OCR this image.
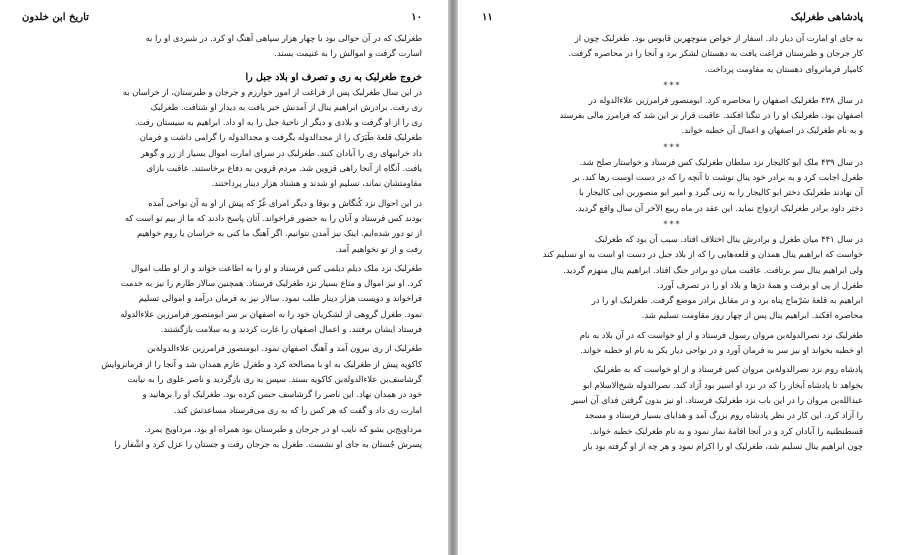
۱۰
تاریخ ابن خلدون

طغرلبک که در آن حوالی بود با چهار هزار سپاهی آهنگ او کرد. در شبردی او را به
اسارت گرفت و اموالش را به غنیمت بستد.

خروج طغرلبک به ری و تصرف او بلاد جبل را

در این سال طغرلبک پس از فراغت از امور خوارزم و جرجان و طبرستان، از خراسان به
ری رفت. برادرش ابراهیم ینال از آمدنش خبر یافت به دیدار او شتافت. طغرلبک
ری را از او گرفت و بلادی و دیگر از ناحیهٔ جبل را به او داد. ابراهیم به سیستان رفت.
طغرلبک قلعهٔ طَبَرَک را از مجدالدوله بگرفت و مجدالدوله را گرامی داشت و فرمان
داد خرابیهای ری را آبادان کنند. طغرلبک در سرای امارت اموال بسیار از زر و گوهر
یافت. آنگاه از آنجا راهی قزوین شد. مردم قزوین به دفاع برخاستند. عاقبت بازای
مقاومتشان نماند، تسلیم او شدند و هشتاد هزار دینار پرداختند.

در این احوال نزد کُنگاش و بوقا و دیگر امرای غُزّ که پیش از او به آن نواحی آمده
بودند کس فرستاد و آنان را به حضور فراخواند. آنان پاسخ دادند که ما از بیم تو است که
از تو دور شده‌ایم. اینک نیز آمدن نتوانیم. اگر آهنگ ما کنی به خراسان یا روم خواهیم
رفت و از تو نخواهیم آمد.

طغرلبک نزد ملک دیلم دیلمی کس فرستاد و او را به اطاعت خواند و از او طلب اموال
کرد. او نیز اموال و متاع بسیار نزد طغرلبک فرستاد. همچنین سالار طارم را نیز به خدمت
فراخواند و دویست هزار دینار طلب نمود. سالار نیز به فرمان درآمد و اموالی تسلیم
نمود. طغرل گروهی از لشکریان خود را به اصفهان بر سر ابومنصور فرامرزبن علاءالدوله
فرستاد ایشان برفتند. و اعمال اصفهان را غارت کردند و به سلامت بازگشتند.

طغرلبک از ری بیرون آمد و آهنگ اصفهان نمود. ابومنصور فرامرزبن علاءالدولةبن
کاکویه پیش از طغرلبک به او با مصالحه کرد و طغرل عازم همدان شد و آنجا را از فرمانروایش
گرشاسف‌بن علاءالدولةبن کاکویه بستد. سپس به ری بازگردید و ناصر علوی را به نیابت
خود در همدان نهاد. این ناصر را گرشاسف حبس کرده بود. طغرلبک او را برهانید و
امارت ری داد و گفت که هر کس را که به ری می‌فرستاد مساعدتش کند.

مرداویج‌بن بشو که نایب او در جرجان و طبرستان بود همراه او بود. مرداویج بمرد.
پسرش جُستان به جای او نشست. طغرل به جرجان رفت و جستان را عزل کرد و اشْفار را

پادشاهی طغرلبک
۱۱

به جای او امارت آن دیار داد. اسفار از خواص منوچهربن قابوس بود. طغرلبک چون از
کار جرجان و طبرستان فراغت یافت به دهستان لشکر برد و آنجا را در محاصره گرفت.
کامیار فرمانروای دهستان به مقاومت پرداخت.

***

در سال ۴۳۸ طغرلبک اصفهان را محاصره کرد. ابومنصور فرامرزبن علاءالدوله در
اصفهان بود. طغرلبک او را در تنگنا افکند. عاقبت قرار بر این شد که فرامرز مالی بفرستد
و به نام طغرلبک در اصفهان و اعمال آن خطبه خواند.

***

در سال ۴۳۹ ملک ابو کالیجار نزد سلطان طغرلبک کس فرستاد و خواستار صلح شد.
طغرل اجابت کرد و به برادر خود ینال نوشت تا آنچه را که در دست اوست رها کند. بر
آن نهادند طغرلبک دختر ابو کالیجار را به زنی گیرد و امیر ابو منصوربن ابی کالیجار با
دختر داود برادر طغرلبک ازدواج نماید. این عقد در ماه ربیع الآخر آن سال واقع گردید.

***

در سال ۴۴۱ میان طغرل و برادرش ینال اختلاف افتاد. سبب آن بود که طغرلبک
خواست که ابراهیم ینال همدان و قلعه‌هایی را که از بلاد جبل در دست او است به او تسلیم کند
ولی ابراهیم ینال سر برتافت. عاقبت میان دو برادر جنگ افتاد. ابراهیم ینال منهزم گردید.
طغرل از پی او برفت و همهٔ دژها و بلاد او را در تصرف آورد.
ابراهیم به قلعهٔ سَرْماج پناه برد و در مقابل برادر موضع گرفت. طغرلبک او را در
محاصره افکند. ابراهیم ینال پس از چهار روز مقاومت تسلیم شد.

طغرلبک نزد نصرالدولةبن مروان رسول فرستاد و از او خواست که در آن بلاد به نام
او خطبه بخواند او نیز سر به فرمان آورد و در نواحی دیار بکر به نام او خطبه خواند.

پادشاه روم نزد نصرالدولةبن مروان کس فرستاد و از او خواست که به طغرلبک
بخواهد تا پادشاه اَبخاز را که در نزد او اسیر بود آزاد کند. نصرالدوله شیخ‌الاسلام ابو
عبدالله‌بن مروان را در این باب نزد طغرلبک فرستاد. او نیز بدون گرفتن فدای آن اسیر
را آزاد کرد. این کار در نظر پادشاه روم بزرگ آمد و هدایای بسیار فرستاد و مسجد
قسطنطنیه را آبادان کرد و در آنجا اقامهٔ نماز نمود و به نام طغرلبک خطبه خواند.
چون ابراهیم ینال تسلیم شد، طغرلبک او را اکرام نمود و هر چه از او گرفته بود باز
